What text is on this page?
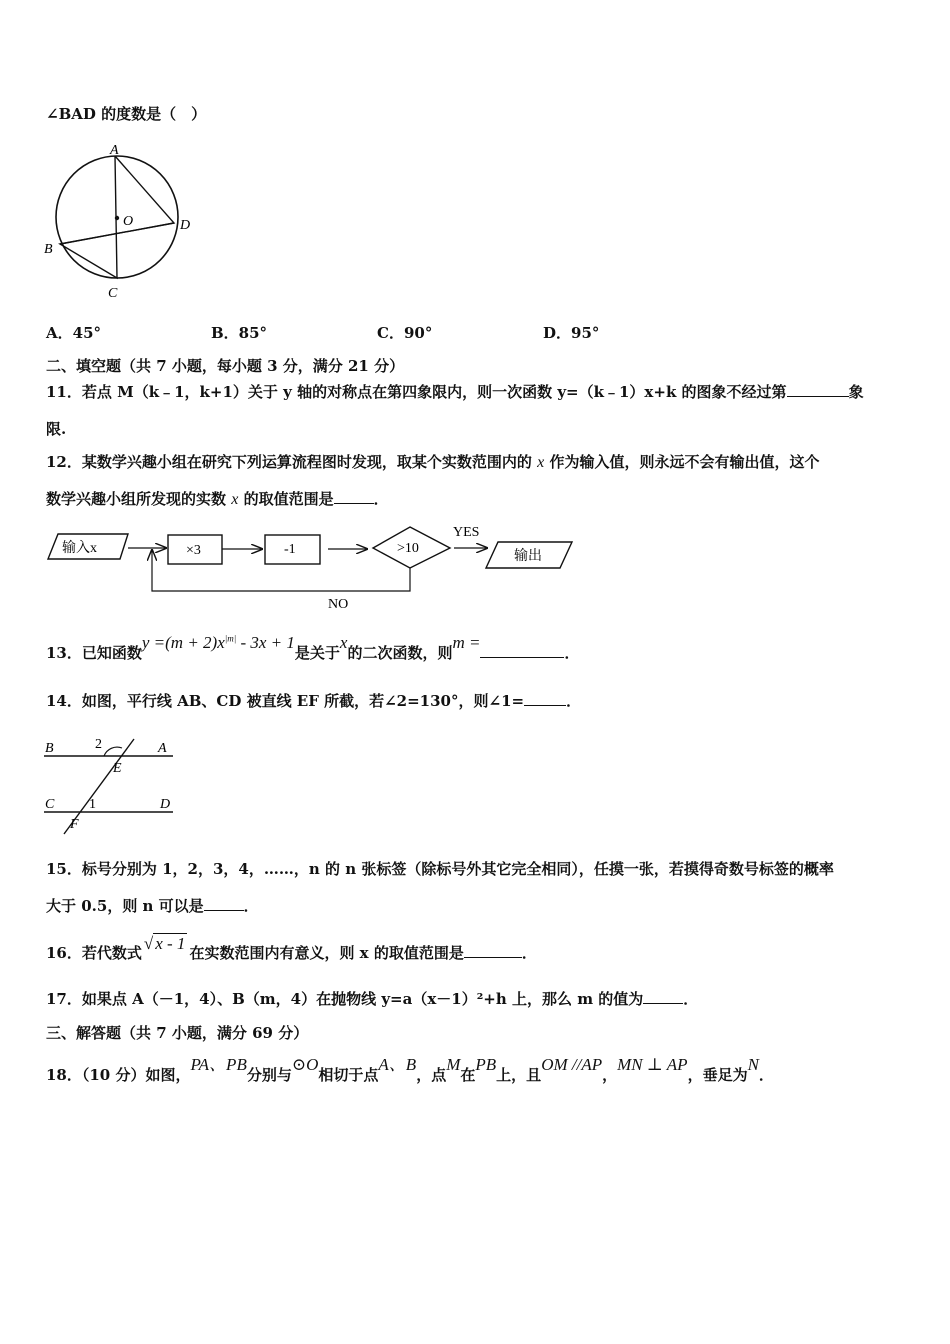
∠BAD 的度数是（　）
A
O	D
B
C
A．45°	B．85°	C．90°	D．95°
二、填空题（共 7 小题，每小题 3 分，满分 21 分）
11．若点 M（k﹣1，k+1）关于 y 轴的对称点在第四象限内，则一次函数 y=（k﹣1）x+k 的图象不经过第	象
限.
12．某数学兴趣小组在研究下列运算流程图时发现，取某个实数范围内的 x 作为输入值，则永远不会有输出值，这个
数学兴趣小组所发现的实数 x 的取值范围是	．
输入x	×3	-1	>10
YES
输出
NO
13．已知函数$y =(m + 2)x^{|m|} - 3x + 1$是关于x的二次函数，则m =．
14．如图，平行线 AB、CD 被直线 EF 所截，若∠2=130°，则∠1=	．
B	2	A
E
C 1	D
F
15．标号分别为 1，2，3，4，……，n 的 n 张标签（除标号外其它完全相同），任摸一张，若摸得奇数号标签的概率
大于 0.5，则 n 可以是	．
16．若代数式 √ x - 1 在实数范围内有意义，则 x 的取值范围是	．
17．如果点 A（－1，4）、B（m，4）在抛物线 y=a（x－1）²+h 上，那么 m 的值为	．
三、解答题（共 7 小题，满分 69 分）
18．（10 分）如图，PA、PB分别与⊙O相切于点A、B，点M在PB上，且OM //AP，MN ⊥ AP，垂足为N．
